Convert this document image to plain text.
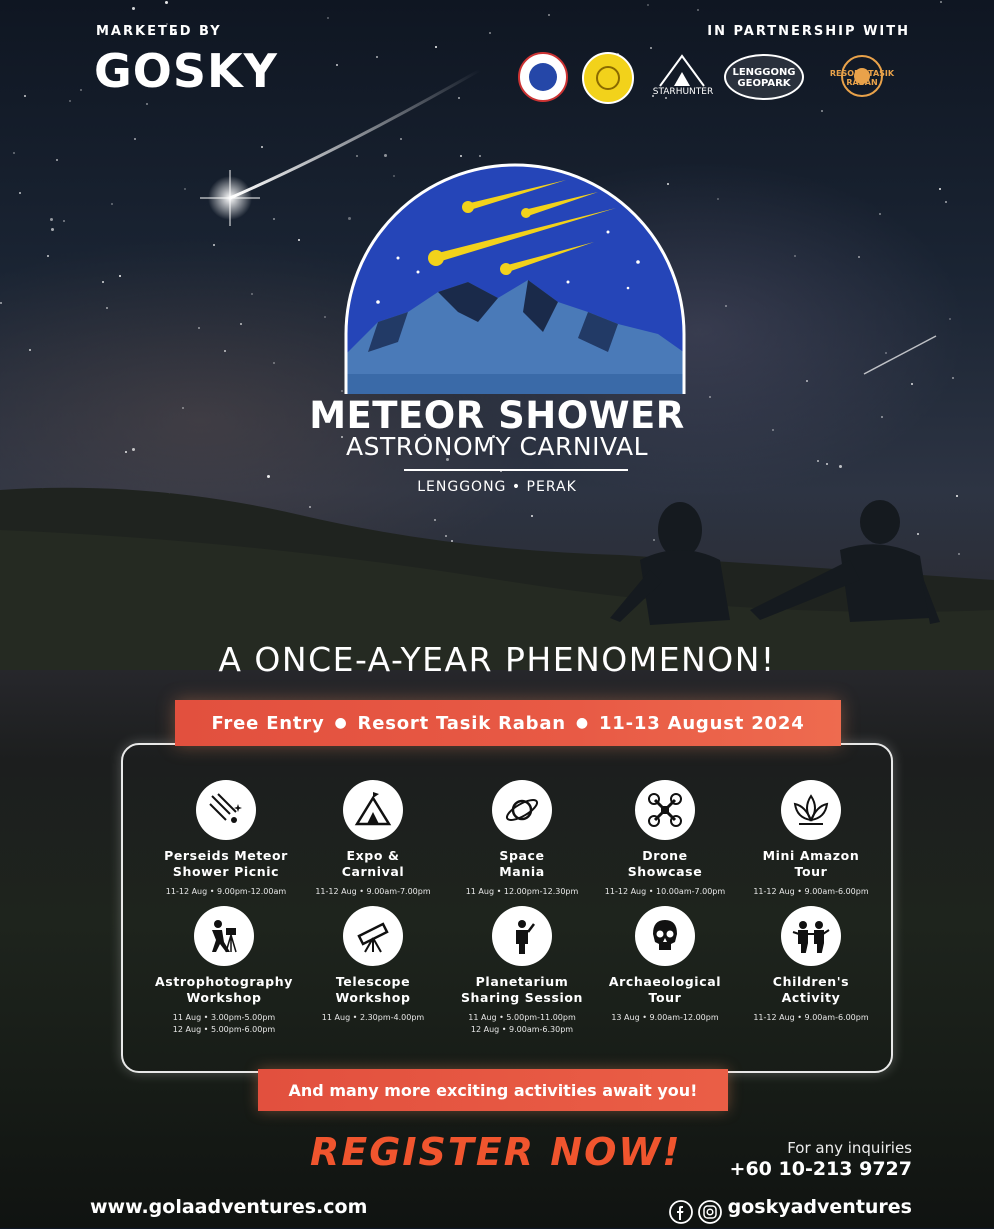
MARKETED BY
GOSKY
IN PARTNERSHIP WITH
STARHUNTER
LENGGONG GEOPARK
RESORT TASIK RABAN
METEOR SHOWER
ASTRONOMY CARNIVAL
LENGGONG • PERAK
A ONCE-A-YEAR PHENOMENON!
Free Entry ● Resort Tasik Raban ● 11-13 August 2024
Perseids Meteor
Shower Picnic
11-12 Aug • 9.00pm-12.00am
Expo &
Carnival
11-12 Aug • 9.00am-7.00pm
Space
Mania
11 Aug • 12.00pm-12.30pm
Drone
Showcase
11-12 Aug • 10.00am-7.00pm
Mini Amazon
Tour
11-12 Aug • 9.00am-6.00pm
Astrophotography
Workshop
11 Aug • 3.00pm-5.00pm
12 Aug • 5.00pm-6.00pm
Telescope
Workshop
11 Aug • 2.30pm-4.00pm
Planetarium
Sharing Session
11 Aug • 5.00pm-11.00pm
12 Aug • 9.00am-6.30pm
Archaeological
Tour
13 Aug • 9.00am-12.00pm
Children's
Activity
11-12 Aug • 9.00am-6.00pm
And many more exciting activities await you!
REGISTER NOW!	For any inquiries
+60 10-213 9727
www.golaadventures.com	goskyadventures
